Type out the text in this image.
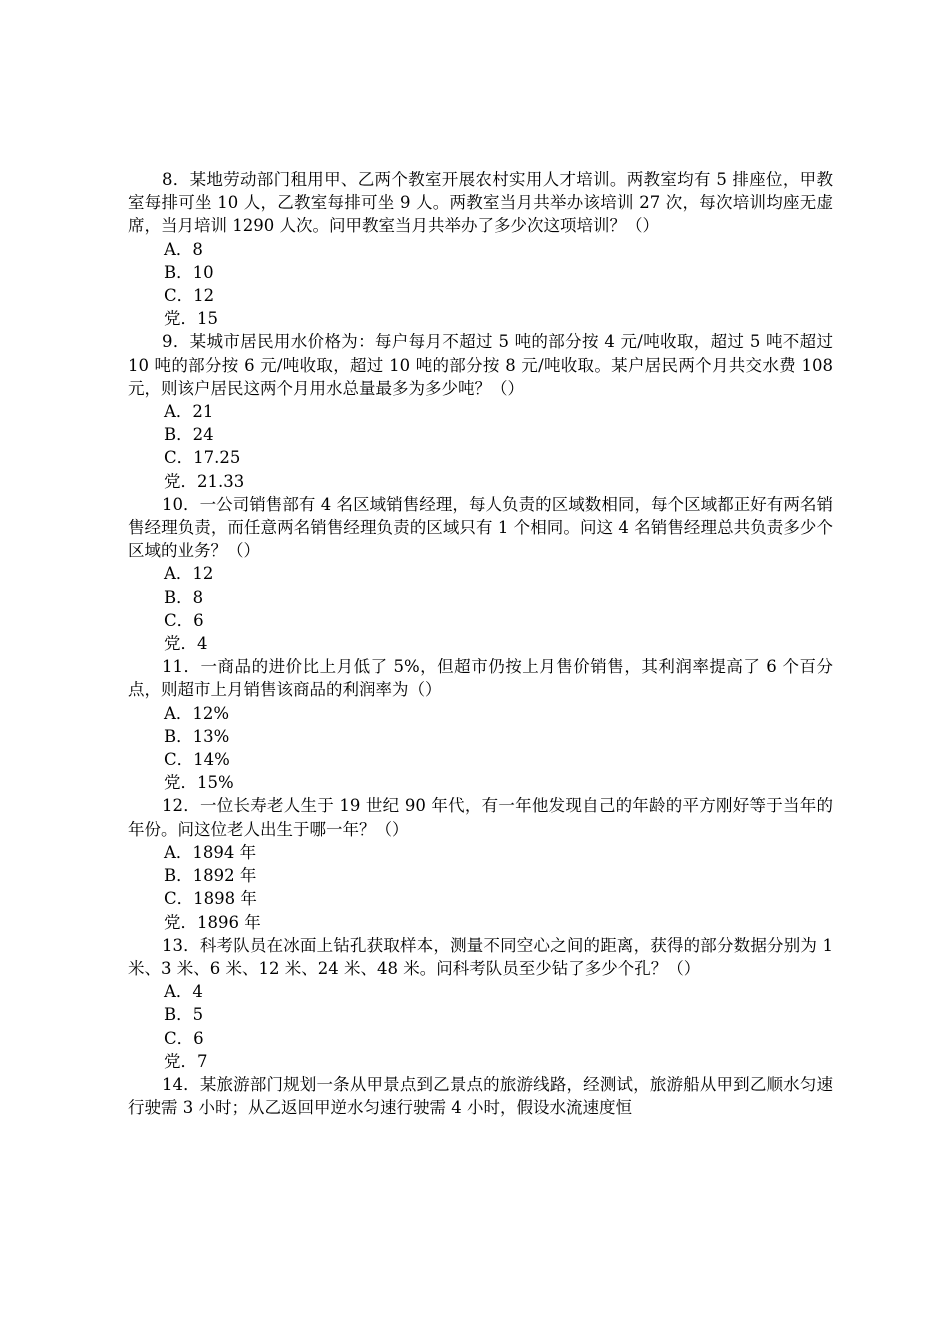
8．某地劳动部门租用甲、乙两个教室开展农村实用人才培训。两教室均有 5 排座位，甲教室每排可坐 10 人，乙教室每排可坐 9 人。两教室当月共举办该培训 27 次，每次培训均座无虚席，当月培训 1290 人次。问甲教室当月共举办了多少次这项培训？（）

A．8
B．10
C．12
党．15

9．某城市居民用水价格为：每户每月不超过 5 吨的部分按 4 元/吨收取，超过 5 吨不超过 10 吨的部分按 6 元/吨收取，超过 10 吨的部分按 8 元/吨收取。某户居民两个月共交水费 108 元，则该户居民这两个月用水总量最多为多少吨？（）

A．21
B．24
C．17.25
党．21.33

10．一公司销售部有 4 名区域销售经理，每人负责的区域数相同，每个区域都正好有两名销售经理负责，而任意两名销售经理负责的区域只有 1 个相同。问这 4 名销售经理总共负责多少个区域的业务？（）

A．12
B．8
C．6
党．4

11．一商品的进价比上月低了 5%，但超市仍按上月售价销售，其利润率提高了 6 个百分点，则超市上月销售该商品的利润率为（）

A．12%
B．13%
C．14%
党．15%

12．一位长寿老人生于 19 世纪 90 年代，有一年他发现自己的年龄的平方刚好等于当年的年份。问这位老人出生于哪一年？（）

A．1894 年
B．1892 年
C．1898 年
党．1896 年

13．科考队员在冰面上钻孔获取样本，测量不同空心之间的距离，获得的部分数据分别为 1 米、3 米、6 米、12 米、24 米、48 米。问科考队员至少钻了多少个孔？（）

A．4
B．5
C．6
党．7

14．某旅游部门规划一条从甲景点到乙景点的旅游线路，经测试，旅游船从甲到乙顺水匀速行驶需 3 小时；从乙返回甲逆水匀速行驶需 4 小时，假设水流速度恒
